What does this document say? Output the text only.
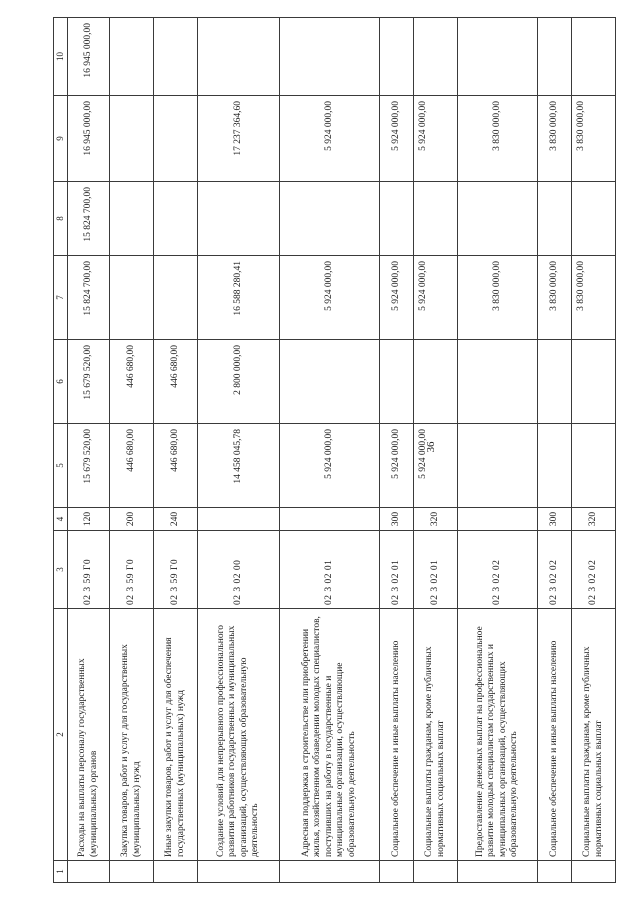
36
1	2	3	4	5	6	7	8	9	10
	Расходы на выплаты персоналу государственных (муниципальных) органов	02 3 59 Г0	120	15 679 520,00	15 679 520,00	15 824 700,00	15 824 700,00	16 945 000,00	16 945 000,00
	Закупка товаров, работ и услуг для государственных (муниципальных) нужд	02 3 59 Г0	200	446 680,00	446 680,00				
	Иные закупки товаров, работ и услуг для обеспечения государственных (муниципальных) нужд	02 3 59 Г0	240	446 680,00	446 680,00				
	Создание условий для непрерывного профессионального развития работников государственных и муниципальных организаций, осуществляющих образовательную деятельность	02 3 02 00		14 458 045,78	2 800 000,00	16 588 280,41		17 237 364,60	
	Адресная поддержка в строительстве или приобретении жилья, хозяйственном обзаведении молодых специалистов, поступивших на работу в государственные и муниципальные организации, осуществляющие образовательную деятельность	02 3 02 01		5 924 000,00		5 924 000,00		5 924 000,00	
	Социальное обеспечение и иные выплаты населению	02 3 02 01	300	5 924 000,00		5 924 000,00		5 924 000,00	
	Социальные выплаты гражданам, кроме публичных нормативных социальных выплат	02 3 02 01	320	5 924 000,00		5 924 000,00		5 924 000,00	
	Предоставление денежных выплат на профессиональное развитие молодым специалистам государственных и муниципальных организаций, осуществляющих образовательную деятельность	02 3 02 02				3 830 000,00		3 830 000,00	
	Социальное обеспечение и иные выплаты населению	02 3 02 02	300			3 830 000,00		3 830 000,00	
	Социальные выплаты гражданам, кроме публичных нормативных социальных выплат	02 3 02 02	320			3 830 000,00		3 830 000,00	
